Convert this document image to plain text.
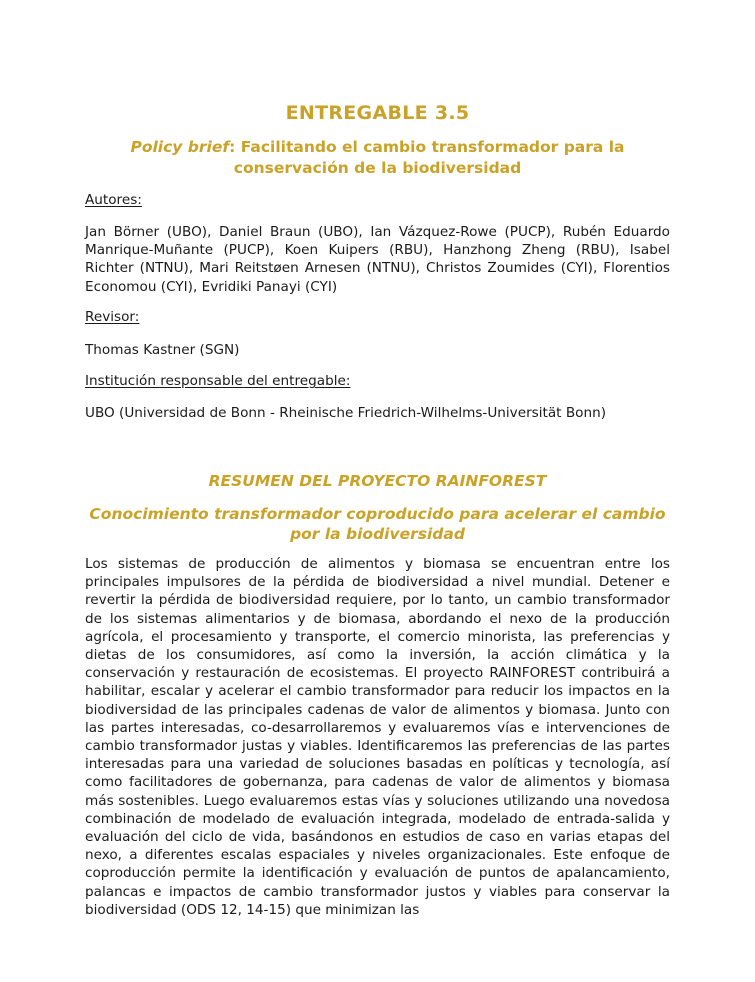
ENTREGABLE 3.5
Policy brief: Facilitando el cambio transformador para la conservación de la biodiversidad
Autores:
Jan Börner (UBO), Daniel Braun (UBO), Ian Vázquez-Rowe (PUCP), Rubén Eduardo Manrique-Muñante (PUCP), Koen Kuipers (RBU), Hanzhong Zheng (RBU), Isabel Richter (NTNU), Mari Reitstøen Arnesen (NTNU), Christos Zoumides (CYI), Florentios Economou (CYI), Evridiki Panayi (CYI)
Revisor:
Thomas Kastner (SGN)
Institución responsable del entregable:
UBO (Universidad de Bonn - Rheinische Friedrich-Wilhelms-Universität Bonn)
RESUMEN DEL PROYECTO RAINFOREST
Conocimiento transformador coproducido para acelerar el cambio por la biodiversidad
Los sistemas de producción de alimentos y biomasa se encuentran entre los principales impulsores de la pérdida de biodiversidad a nivel mundial. Detener e revertir la pérdida de biodiversidad requiere, por lo tanto, un cambio transformador de los sistemas alimentarios y de biomasa, abordando el nexo de la producción agrícola, el procesamiento y transporte, el comercio minorista, las preferencias y dietas de los consumidores, así como la inversión, la acción climática y la conservación y restauración de ecosistemas. El proyecto RAINFOREST contribuirá a habilitar, escalar y acelerar el cambio transformador para reducir los impactos en la biodiversidad de las principales cadenas de valor de alimentos y biomasa. Junto con las partes interesadas, co-desarrollaremos y evaluaremos vías e intervenciones de cambio transformador justas y viables. Identificaremos las preferencias de las partes interesadas para una variedad de soluciones basadas en políticas y tecnología, así como facilitadores de gobernanza, para cadenas de valor de alimentos y biomasa más sostenibles. Luego evaluaremos estas vías y soluciones utilizando una novedosa combinación de modelado de evaluación integrada, modelado de entrada-salida y evaluación del ciclo de vida, basándonos en estudios de caso en varias etapas del nexo, a diferentes escalas espaciales y niveles organizacionales. Este enfoque de coproducción permite la identificación y evaluación de puntos de apalancamiento, palancas e impactos de cambio transformador justos y viables para conservar la biodiversidad (ODS 12, 14-15) que minimizan las
